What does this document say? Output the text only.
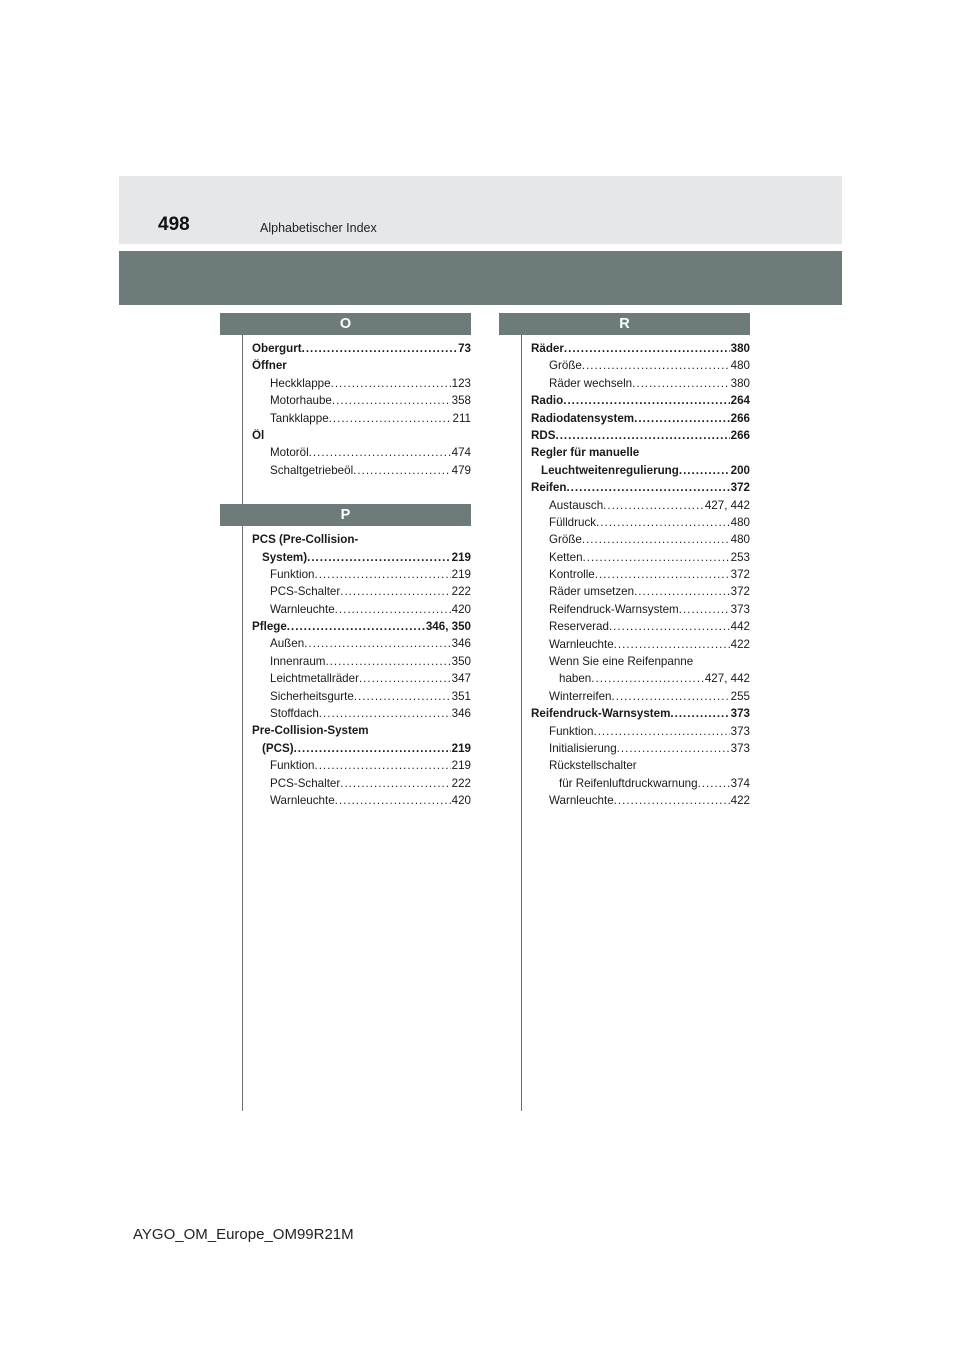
498	Alphabetischer Index
O
Obergurt .....	73
Öffner
Heckklappe .....	123
Motorhaube .....	358
Tankklappe .....	211
Öl
Motoröl .....	474
Schaltgetriebeöl .....	479
P
PCS (Pre-Collision-
System) .....	219
Funktion .....	219
PCS-Schalter .....	222
Warnleuchte .....	420
Pflege .....	346, 350
Außen .....	346
Innenraum .....	350
Leichtmetallräder .....	347
Sicherheitsgurte .....	351
Stoffdach .....	346
Pre-Collision-System
(PCS) .....	219
Funktion .....	219
PCS-Schalter .....	222
Warnleuchte .....	420
R
Räder .....	380
Größe .....	480
Räder wechseln .....	380
Radio .....	264
Radiodatensystem .....	266
RDS .....	266
Regler für manuelle
Leuchtweitenregulierung .....	200
Reifen .....	372
Austausch .....	427, 442
Fülldruck .....	480
Größe .....	480
Ketten .....	253
Kontrolle .....	372
Räder umsetzen .....	372
Reifendruck-Warnsystem .....	373
Reserverad .....	442
Warnleuchte .....	422
Wenn Sie eine Reifenpanne
haben .....	427, 442
Winterreifen .....	255
Reifendruck-Warnsystem .....	373
Funktion .....	373
Initialisierung .....	373
Rückstellschalter
für Reifenluftdruckwarnung .....	374
Warnleuchte .....	422
AYGO_OM_Europe_OM99R21M
